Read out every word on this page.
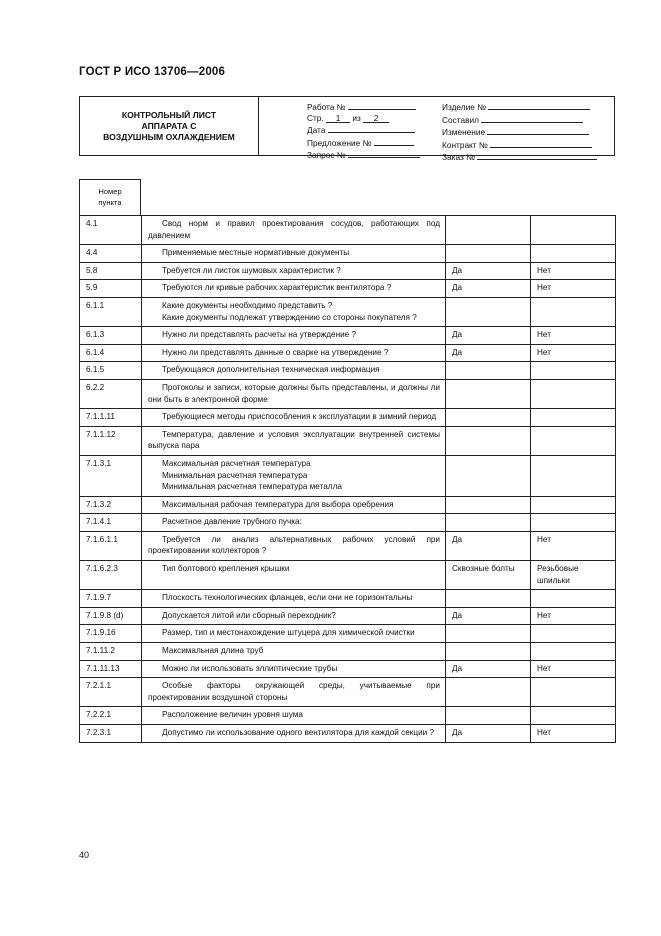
ГОСТ Р ИСО 13706—2006
КОНТРОЛЬНЫЙ ЛИСТ
АППАРАТА С
ВОЗДУШНЫМ ОХЛАЖДЕНИЕМ
Работа №
Стр. 1 из 2
Дата
Предложение №
Запрос №
Изделие №
Составил
Изменение
Контракт №
Заказ №
Номер
пункта
4.1	Свод норм и правил проектирования сосудов, работающих под давлением		

4.4	Применяемые местные нормативные документы		

5.8	Требуется ли листок шумовых характеристик ?	Да	Нет
5.9	Требуются ли кривые рабочих характеристик вентилятора ?	Да	Нет
6.1.1	Какие документы необходимо представить ?
Какие документы подлежат утверждению со стороны покупателя ?		

6.1.3	Нужно ли представлять расчеты на утверждение ?	Да	Нет
6.1.4	Нужно ли представлять данные о сварке на утверждение ?	Да	Нет
6.1.5	Требующаяся дополнительная техническая информация		

6.2.2	Протоколы и записи, которые должны быть представлены, и должны ли они быть в электронной форме		

7.1.1.11	Требующиеся методы приспособления к эксплуатации в зимний период		

7.1.1.12	Температура, давление и условия эксплуатации внутренней системы выпуска пара		

7.1.3.1	Максимальная расчетная температура
Минимальная расчетная температура
Минимальная расчетная температура металла		

7.1.3.2	Максимальная рабочая температура для выбора оребрения		

7.1.4.1	Расчетное давление трубного пучка:		

7.1.6.1.1	Требуется ли анализ альтернативных рабочих условий при проектировании коллекторов ?	Да	Нет
7.1.6.2.3	Тип болтового крепления крышки	Сквозные болты	Резьбовые шпильки
7.1.9.7	Плоскость технологических фланцев, если они не горизонтальны		

7.1.9.8 (d)	Допускается литой или сборный переходник?	Да	Нет
7.1.9.16	Размер, тип и местонахождение штуцера для химической очистки		

7.1.11.2	Максимальная длина труб		

7.1.11.13	Можно ли использовать эллиптические трубы	Да	Нет
7.2.1.1	Особые факторы окружающей среды, учитываемые при проектировании воздушной стороны		

7.2.2.1	Расположение величин уровня шума		

7.2.3.1	Допустимо ли использование одного вентилятора для каждой секции ?	Да	Нет
40
